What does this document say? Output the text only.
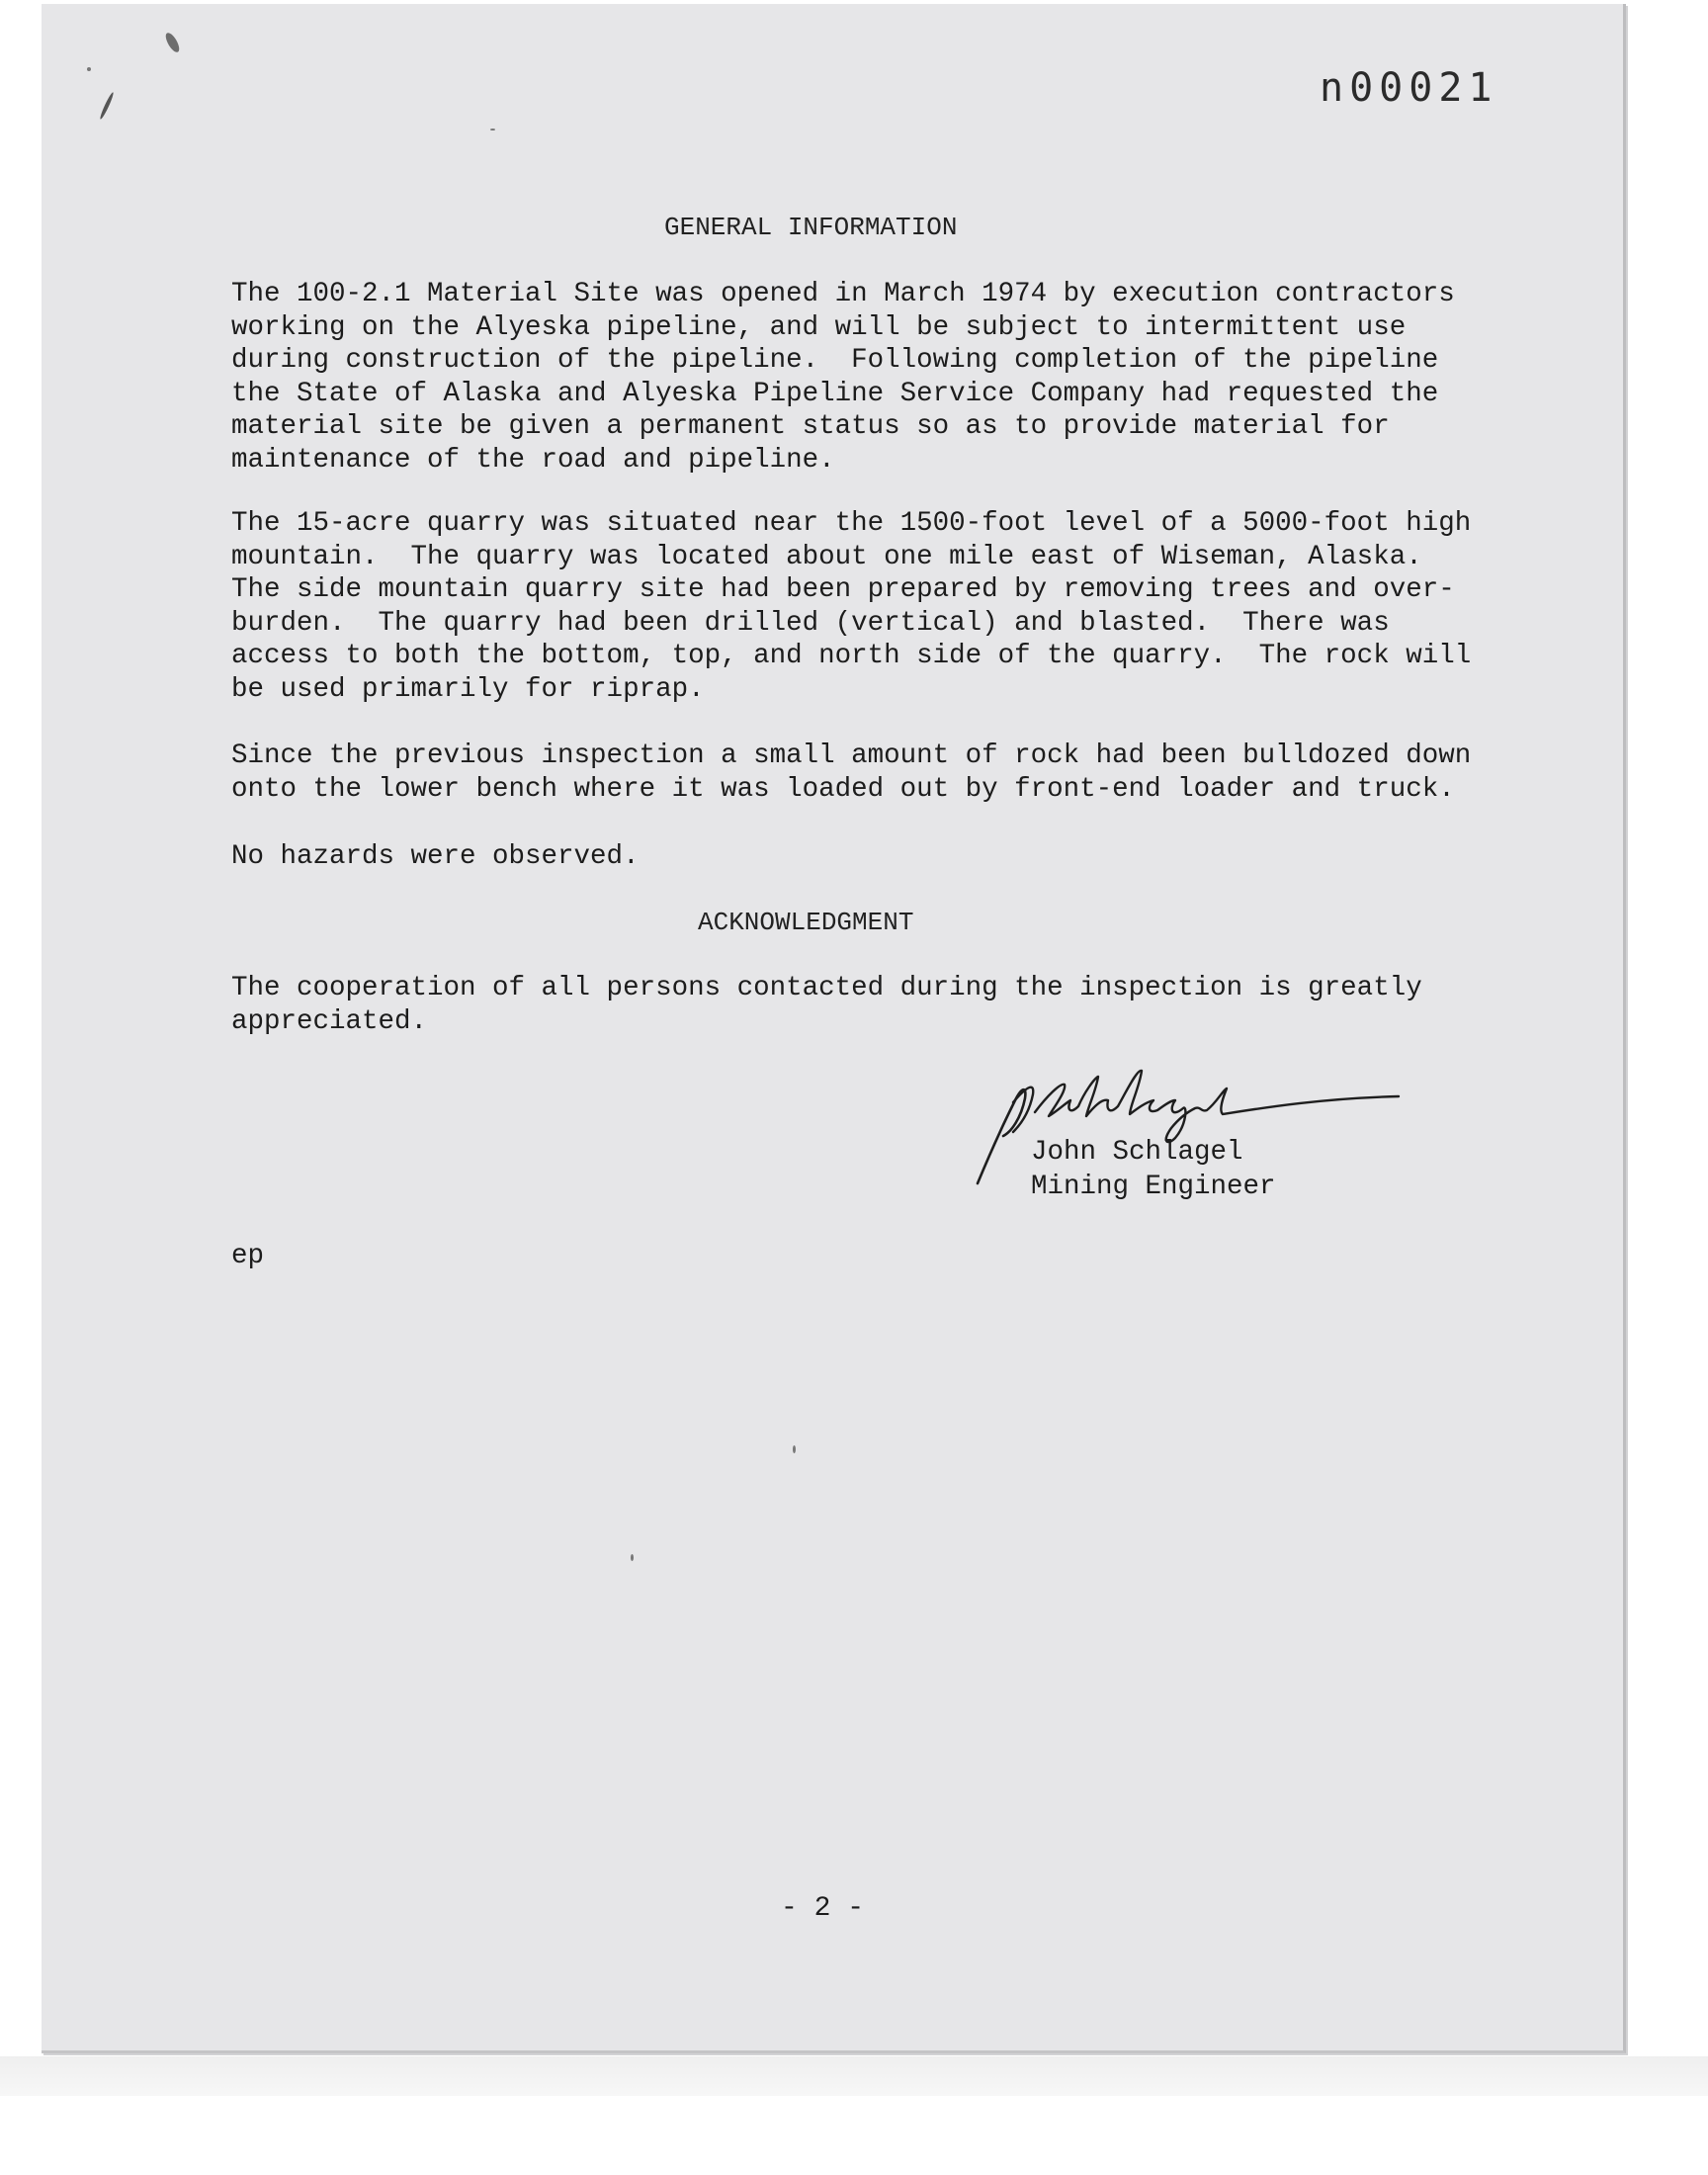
n00021
GENERAL INFORMATION
The 100-2.1 Material Site was opened in March 1974 by execution contractors
working on the Alyeska pipeline, and will be subject to intermittent use
during construction of the pipeline.  Following completion of the pipeline
the State of Alaska and Alyeska Pipeline Service Company had requested the
material site be given a permanent status so as to provide material for
maintenance of the road and pipeline.
The 15-acre quarry was situated near the 1500-foot level of a 5000-foot high
mountain.  The quarry was located about one mile east of Wiseman, Alaska.
The side mountain quarry site had been prepared by removing trees and over-
burden.  The quarry had been drilled (vertical) and blasted.  There was
access to both the bottom, top, and north side of the quarry.  The rock will
be used primarily for riprap.
Since the previous inspection a small amount of rock had been bulldozed down
onto the lower bench where it was loaded out by front-end loader and truck.
No hazards were observed.
ACKNOWLEDGMENT
The cooperation of all persons contacted during the inspection is greatly
appreciated.
John Schlagel
Mining Engineer
ep
- 2 -
